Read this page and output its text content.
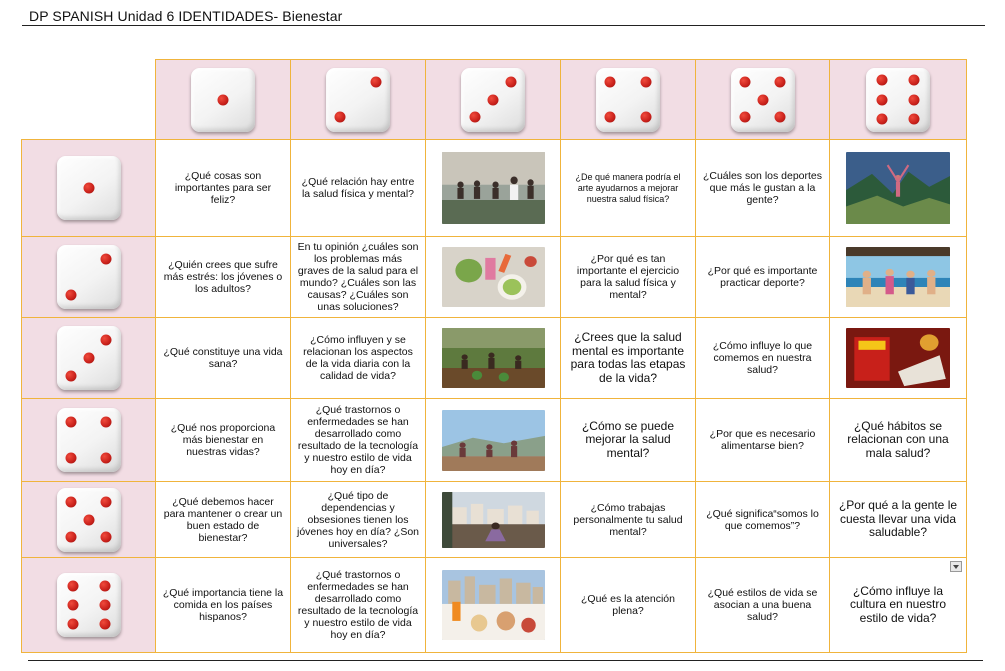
DP SPANISH Unidad 6 IDENTIDADES- Bienestar
¿Qué cosas son importantes para ser feliz?
¿Qué relación hay entre la salud física y mental?
¿De qué manera podría el arte ayudarnos a mejorar nuestra salud física?
¿Cuáles son los deportes que más le gustan a la gente?
¿Quién crees que sufre más estrés: los jóvenes o los adultos?
En tu opinión ¿cuáles son los problemas más graves de la salud para el mundo? ¿Cuáles son las causas? ¿Cuáles son unas soluciones?
¿Por qué es tan importante el ejercicio para la salud física y mental?
¿Por qué es importante practicar deporte?
¿Qué constituye una vida sana?
¿Cómo influyen y se relacionan los aspectos de la vida diaria con la calidad de vida?
¿Crees que la salud mental es importante para todas las etapas de la vida?
¿Cómo influye lo que comemos en nuestra salud?
¿Qué nos proporciona más bienestar en nuestras vidas?
¿Qué trastornos o enfermedades se han desarrollado como resultado de la tecnología y nuestro estilo de vida hoy en día?
¿Cómo se puede mejorar la salud mental?
¿Por que es necesario alimentarse bien?
¿Qué hábitos se relacionan con una mala salud?
¿Qué debemos hacer para mantener o crear un buen estado de bienestar?
¿Qué tipo de dependencias y obsesiones tienen los jóvenes hoy en día? ¿Son universales?
¿Cómo trabajas personalmente tu salud mental?
¿Qué significa“somos lo que comemos”?
¿Por qué a la gente le cuesta llevar una vida saludable?
¿Qué importancia tiene la comida en los países hispanos?
¿Qué trastornos o enfermedades se han desarrollado como resultado de la tecnología y nuestro estilo de vida hoy en día?
¿Qué es la atención plena?
¿Qué estilos de vida se asocian a una buena salud?
¿Cómo influye la cultura en nuestro estilo de vida?
